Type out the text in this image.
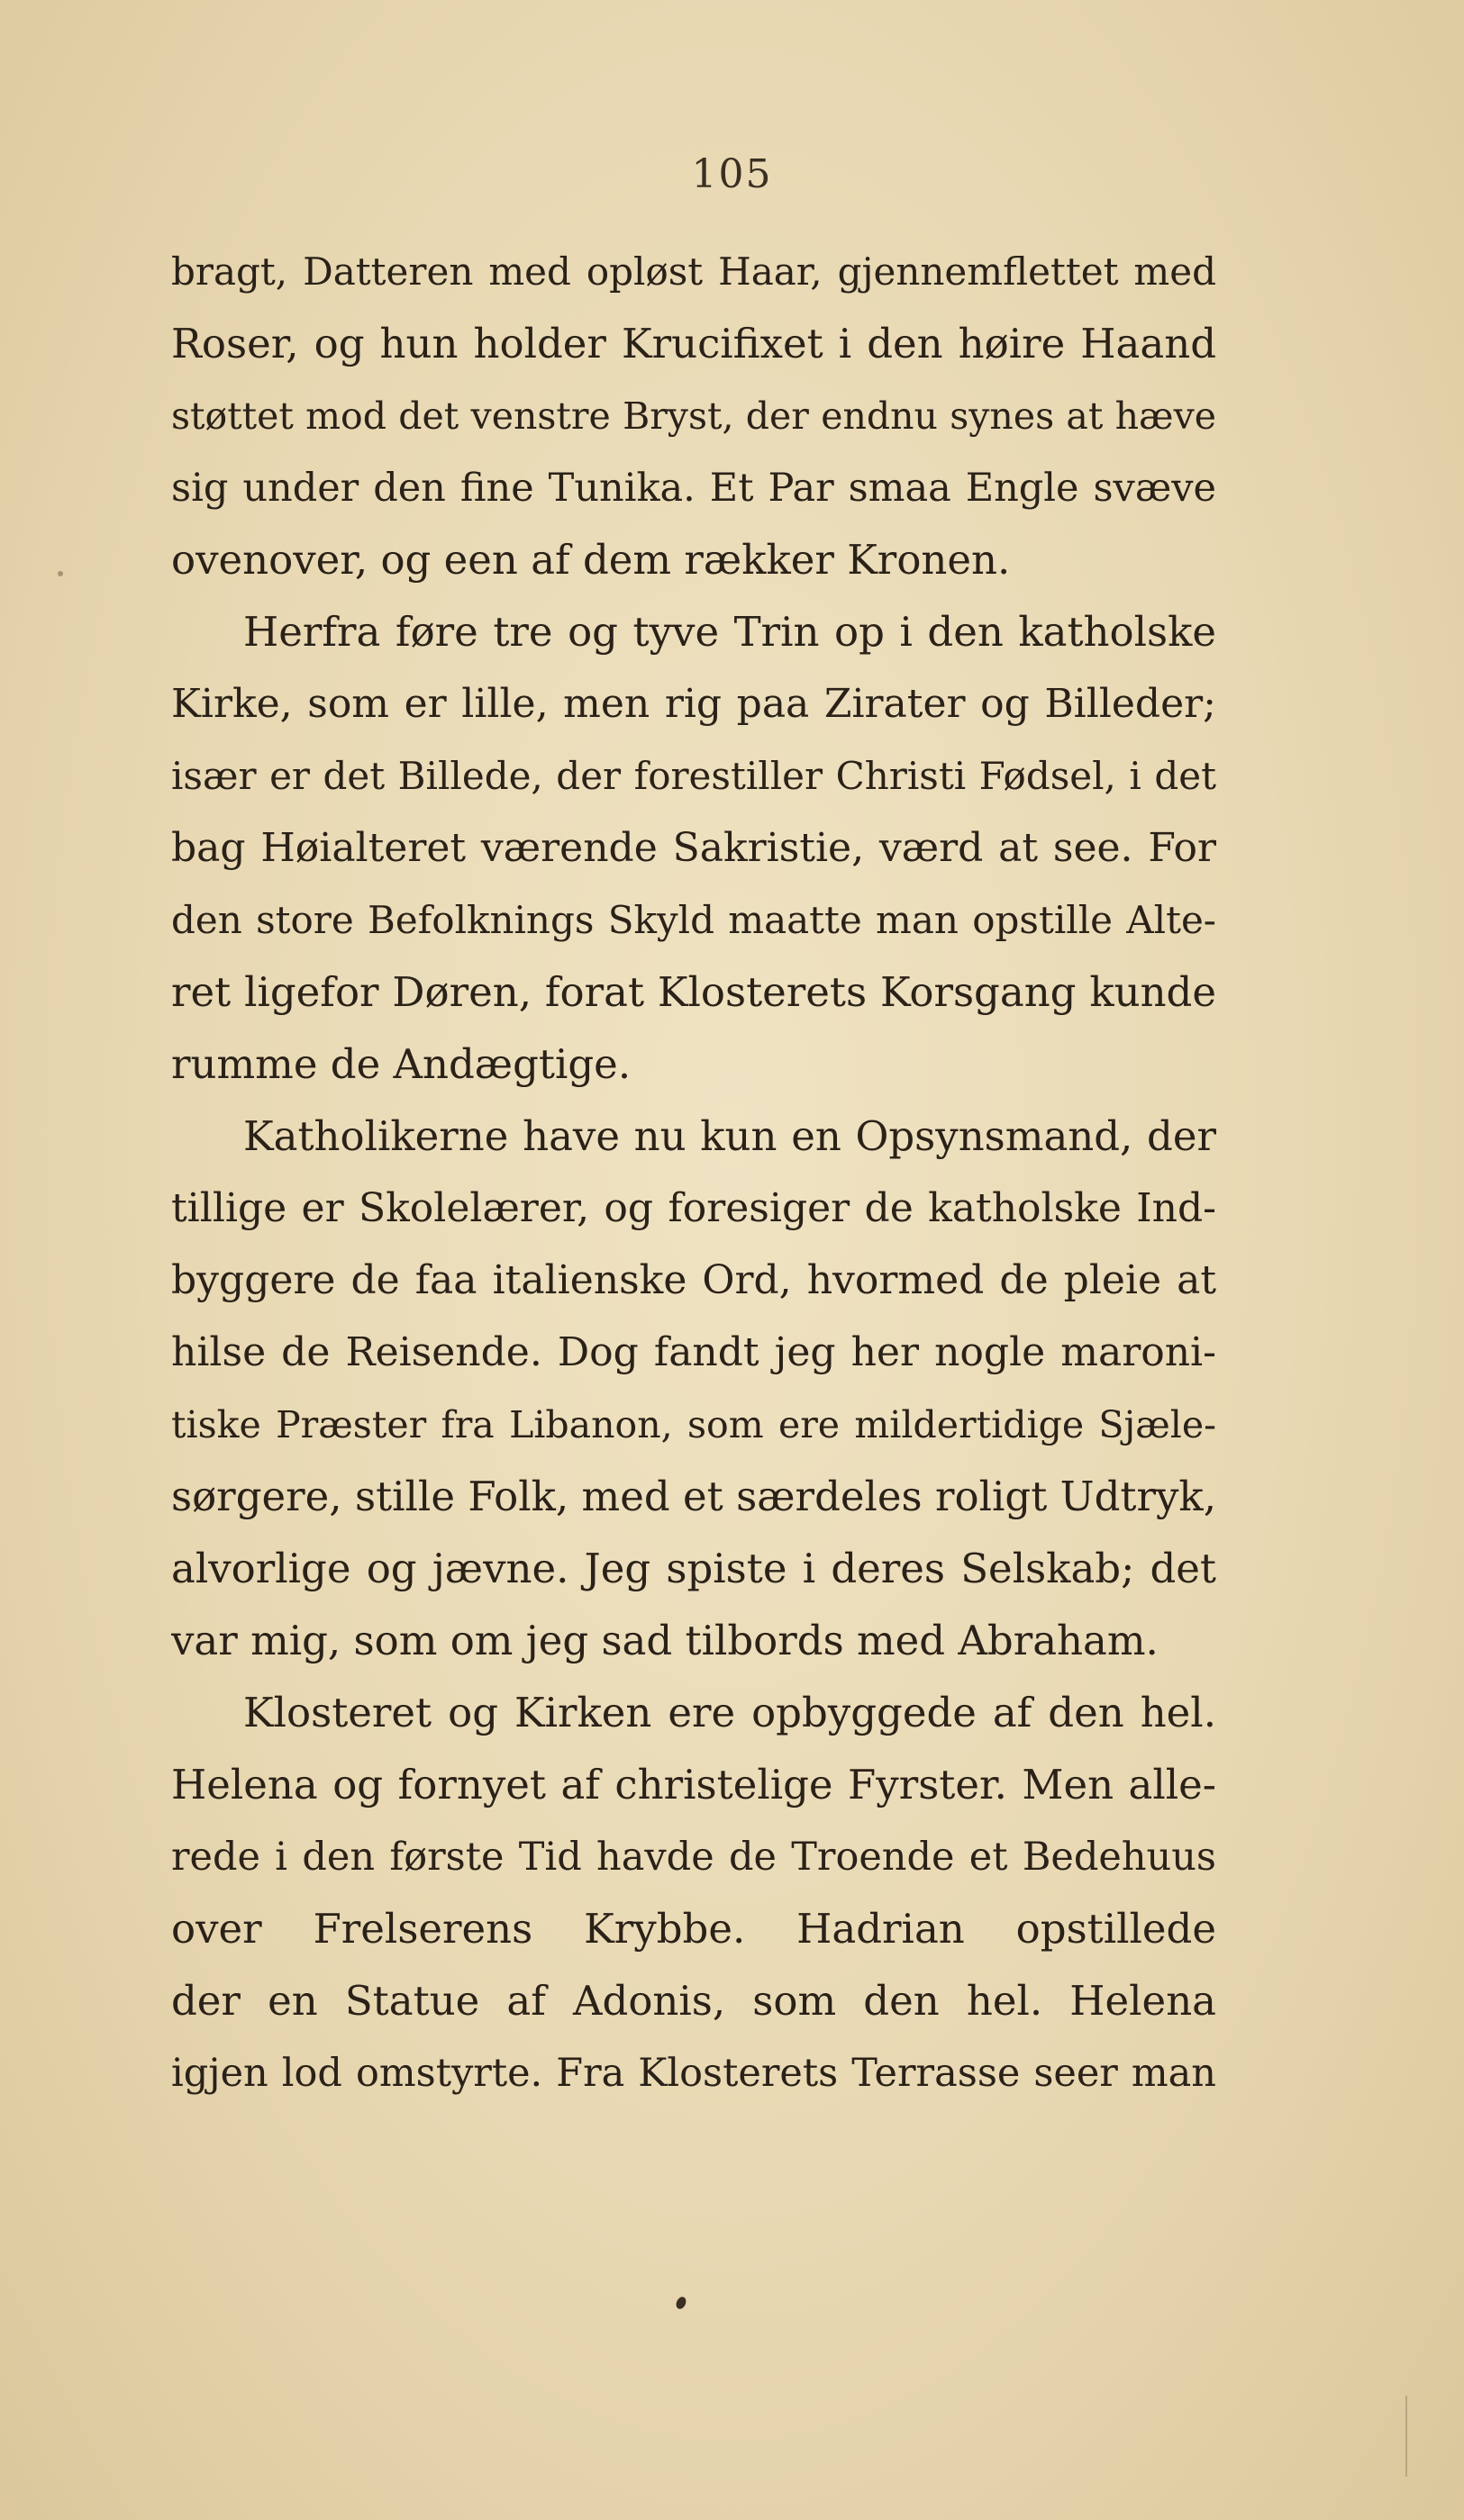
105
bragt, Datteren med opløst Haar, gjennemflettet med
Roser, og hun holder Krucifixet i den høire Haand
støttet mod det venstre Bryst, der endnu synes at hæve
sig under den fine Tunika. Et Par smaa Engle svæve
ovenover, og een af dem rækker Kronen.
Herfra føre tre og tyve Trin op i den katholske
Kirke, som er lille, men rig paa Zirater og Billeder;
især er det Billede, der forestiller Christi Fødsel, i det
bag Høialteret værende Sakristie, værd at see. For
den store Befolknings Skyld maatte man opstille Alte-
ret ligefor Døren, forat Klosterets Korsgang kunde
rumme de Andægtige.
Katholikerne have nu kun en Opsynsmand, der
tillige er Skolelærer, og foresiger de katholske Ind-
byggere de faa italienske Ord, hvormed de pleie at
hilse de Reisende. Dog fandt jeg her nogle maroni-
tiske Præster fra Libanon, som ere mildertidige Sjæle-
sørgere, stille Folk, med et særdeles roligt Udtryk,
alvorlige og jævne. Jeg spiste i deres Selskab; det
var mig, som om jeg sad tilbords med Abraham.
Klosteret og Kirken ere opbyggede af den hel.
Helena og fornyet af christelige Fyrster. Men alle-
rede i den første Tid havde de Troende et Bedehuus
over Frelserens Krybbe. Hadrian opstillede
der en Statue af Adonis, som den hel. Helena
igjen lod omstyrte. Fra Klosterets Terrasse seer man
